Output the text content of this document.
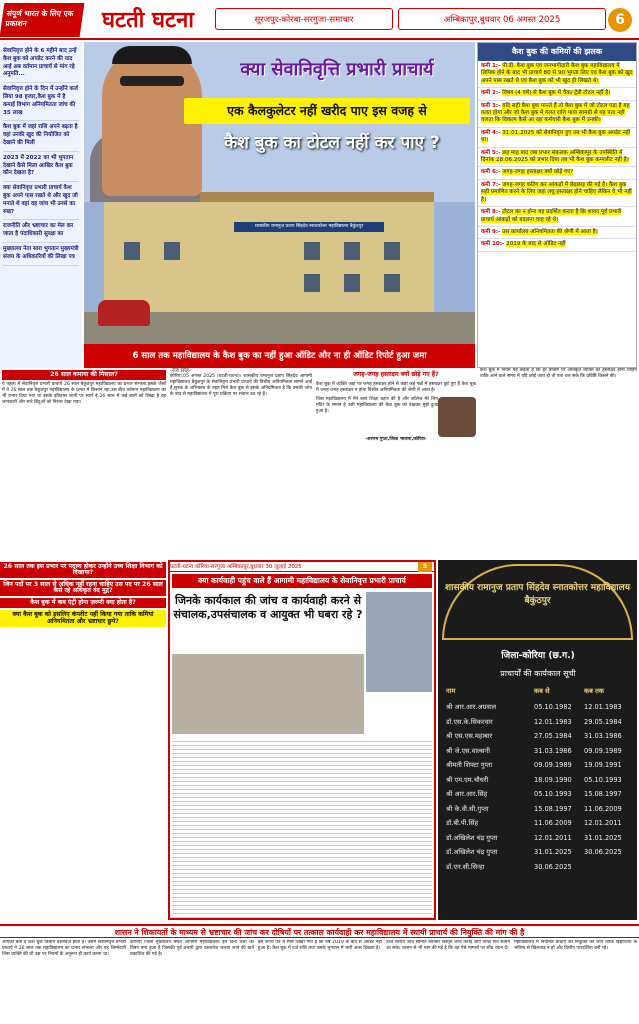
संपूर्ण भारत के लिए एक प्रकाशन	घटती घटना	सूरजपुर-कोरबा-सरगुजा-समाचार	अम्बिकापुर,बुधवार 06 अगस्त 2025	6
सेवानिवृत्त होने के 6 महीने बाद उन्हें कैश बुक को अपडेट करने की याद आई अब वर्तमान प्राचार्य से मांग रहे अनुमति...
सेवानिवृत्त होने के दिन में उन्होंने कर्ज लिया 98 हजार,कैश बुक में है कमाई विभाग अनियमितता जांच की 35 लाख
कैश बुक में जहां राशि अपने बढ़ता है वहां उनकी खुद की नियोजित को देखाने की मिली
2023 में 2022 का भी भुगतान देखाने कैसे मिला आखिर कैश बुक कौन देखता है?
क्या सेवानिवृत्त प्रभारी प्राचार्य कैश बुक अपने पास रखते थे और खुद जो मनाते थे वहां वह जांच भी उनसे का रुख?
राजनीति और भ्रष्टाचार का मेल कर जाता है पदाधिकारी सुरक्षा का
मुख्यालय नेता सारा भुगतान मुख्यमंत्री संजय के अधिकारियों की लिखा पत्र
शासकीय रामानुज प्रताप सिंहदेव स्नातकोत्तर महाविद्यालय बैकुंठपुर
क्या सेवानिवृत्ति प्रभारी प्राचार्य
एक कैलकुलेटर नहीं खरीद पाए इस वजह से
कैश बुक का टोटल नहीं कर पाए ?
6 साल तक महाविद्यालय के कैश बुक का नहीं हुआ ऑडिट और ना ही ऑडिट रिपोर्ट हुआ जमा
कैश बुक की कमियों की झलक
कमी 1:- पी.डी. कैश बुक एवं जनभागीदारी कैश बुक महाविद्यालय में लिपिक होने के बाद भी प्राचार्य 80 से 90 भुगता लिए एवं कैश बुक को खुद अपने पास रखते थे एवं कैश बुक को भी खुद ही लिखते थे।
कमी 2:- विषय (4 वर्ष) से कैश बुक में चैक/ ट्रेंडी टोटल नहीं है।
कमी 3:- यदि सही कैश बुक मानते हैं तो कैश बुक में जो टोटल पड़ा है यह ग़लत होगा और जो कैश बुक में गलत राशि पाया सामग्री से यह पता नहीं चलता कि विकल्प कैसे आ रहा कर्मचारी कैश बुक में उनकी।
कमी 4:- 31.01.2025 को सेवानिवृत्त हुए तब भी कैश बुक अपडेट नहीं था।
कमी 5:- छह माह बाद जब प्रभार संकलक अम्बिकापुर के उपस्थिति में दिनांक 28.06.2025 को प्रभार दिया तब भी कैश बुक कम्पलीट नहीं है।
कमी 6:- जगह-जगह हस्ताक्षर क्यों छोड़े गए?
कमी 7:- जगह-जगह कटिंग कर आंकड़ों में छेड़छाड़ की गई है। कैश बुक सही प्रमाणित करने के लिए जहां लघु हस्ताक्षर होने चाहिए लेकिन वे भी नहीं है।
कमी 8:- टोटल का न होना यह प्रदर्शित करता है कि शायद पूर्व प्रभारी प्राचार्य आंकड़ों को बदलना चाह रहे थे।
कमी 9:- उस कार्यालय अनियमितता की श्रेणी में आता है।
कमी 10:- 2019 के बाद से ऑडिट नहीं
26 साल कमाया की मिसाल?
ये पहला में सेवानिवृत्त प्रभारी प्राचार्य 26 साल बैकुंठपुर महाविद्यालय का प्रभार संभाला,इसके जैसों में वे 26 साल तक बैकुंठपुर महाविद्यालय के प्रभार में किसान रहा,उस बीच वर्तमान महाविद्यालय का भी प्रभार दिया गया था इसके इतिहास जानी पर स्वर्ण ई 26 साल में कई बातों को लिखा है वह जानकारी और सारे बिंदुओं को निरंतर देखा गया।
-रवि सिंह-
कोरिया,05 अगस्त 2025 (घटती-घटना)। शासकीय रामानुज प्रताप सिंहदेव आगामी महाविद्यालय बैकुंठपुर के सेवानिवृत्त प्रभारी प्राचार्य की वित्तीय अनियमितता सामने आई है,सूत्रक के अभिकाश के तहत मिले कैश बुक से इसके अनियमितता है कि उसकी जांच के बाद से महाविद्यालय में पूरा प्रक्रिया पर सवाल उठ रहे हैं।
जगह-जगह हस्ताक्षर क्यों छोड़े गए हैं?
कैश बुक में व्यक्ति जहां पर जगह हस्ताक्षर होने से कहां कई पन्नों में हस्ताक्षर छूटे हुए हैं कैश बुक में जगह-जगह हस्ताक्षर न होना वित्तीय अनियमितता की श्रेणी में आता है।
जिस महाविद्यालय में मैंने स्वयं शिक्षा ग्रहण की है और कॉलेज मेरे लिए मंदिर के समान है उसी महाविद्यालय की कैश बुक को देखकर मुझे दुःख हुआ है।
-शरणम गुप्ता,जिला भाजपा,कोरिया-
कैश बुक में नियम यह कहता है कि हर प्रविष्टि पर अधिकृत व्यक्ति का हस्ताक्षर होना चाहिए ताकि आने वाले समय में यदि कोई जांच हो तो पता चल सके कि प्रविष्टि किसने की।
26 साल तक इस प्रभार पर पदस्थ होकर उन्होंने उच्च शिक्षा विभाग को दिखाया?
जिन पदों पर 3 साल से अधिक नहीं रहना चाहिए उस पद पर 26 साल कैसे रहे अधिकृत वंद मुद्ग?
कैश बुक में कब एंट्री होना ज़रूरी क्या होता है?
क्या कैश बुक को इसलिए कंप्लीट नहीं किया गया ताकि कमियां अनियमितता और भ्रष्टाचार छुपे?
घटती-घटना कोरिया-सरगुजा अम्बिकापुर,बुधवार 30 जुलाई 2025	5
क्या कार्यवाही पहुंच वाले हैं आगामी महाविद्यालय के सेवानिवृत्त प्रभारी प्राचार्य
जिनके कार्यकाल की जांच व कार्यवाही करने से संचालक,उपसंचालक व आयुक्त भी घबरा रहे ?
शासकीय रामानुज प्रताप सिंहदेव स्नातकोत्तर महाविद्यालय बैकुंठपुर
जिला-कोरिया (छ.ग.)
प्राचार्यों की कार्यकाल सूची
नाम	कब से	कब तक
श्री आर.आर.अग्रवाल	05.10.1982	12.01.1983
डॉ.एस.के.सिकरवार	12.01.1983	29.05.1984
श्री एस.एस.महाबार	27.05.1984	31.03.1986
श्री जे.एस.वाल्सनी	31.03.1986	09.09.1989
श्रीमती शिफ्टा गुप्ता	09.09.1989	19.09.1991
श्री एम.एम.चौधरी	18.09.1990	05.10.1993
श्री आर.आर.सिंह	05.10.1993	15.08.1997
श्री के.वी.सी.गुप्ता	15.08.1997	11.06.2009
डॉ.बी.पी.सिंह	11.06.2009	12.01.2011
डॉ.अखिलेश चंद्र गुप्ता	12.01.2011	31.01.2025
डॉ.अखिलेश चंद्र गुप्ता	31.01.2025	30.06.2025
डॉ.एन.सी.सिन्हा	30.06.2025
शासन ने शिकायतों के माध्यम से भ्रष्टाचार की जांच कर दोषियों पर तत्काल कार्यवाही कर महाविद्यालय में स्थायी प्राचार्य की नियुक्ति की मांग की है
आपको बता दें कैश बुक वित्तीय दस्तावेज होती है। उसमें सेवानिवृत्त प्रभारी प्राचार्य ने 26 साल तक महाविद्यालय का प्रभार संभाला और यह जिम्मेदारी जिस व्यक्ति की थी उस पर नियमों के अनुरूप ही कार्य करना था।
कोरिया जिला मुख्यालय स्थित आगामी महाविद्यालय इन दिनों चर्चा का विषय बना हुआ है जिसकी पूर्व प्रभारी द्वारा दस्तावेज जलाए जाने की बातें प्रकाशित की गई है।
इस शपथ पत्र में स्पष्ट लिखा गया है कि वर्ष 2019 के बाद से ऑडिट नहीं हुआ है। कैश बुक में दर्ज राशि तथा उसके भुगतान में भारी अंतर दिखता है।
उच्च स्तरीय जांच समिति बनाकर विस्तृत जांच कराई जाए ताकि सच सामने आ सके। शासन से भी मांग की गई है कि वह ऐसे मामलों पर शीघ्र ध्यान दें।
महाविद्यालय में नियमित प्राचार्य की नियुक्ति की जाए ताकि विद्यार्थियों के भविष्य से खिलवाड़ न हो और वित्तीय पारदर्शिता बनी रहे।
